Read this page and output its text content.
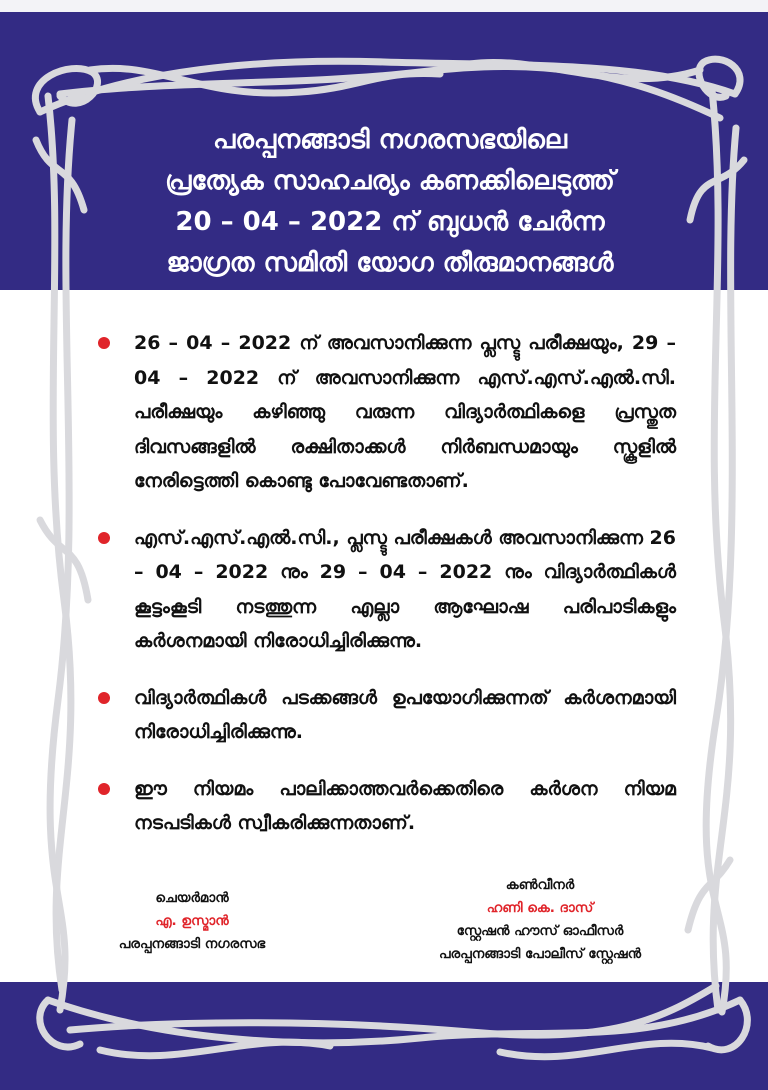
പരപ്പനങ്ങാടി നഗരസഭയിലെ
പ്രത്യേക സാഹചര്യം കണക്കിലെടുത്ത്
20 – 04 – 2022 ന് ബുധൻ ചേർന്ന
ജാഗ്രത സമിതി യോഗ തീരുമാനങ്ങൾ
26 – 04 – 2022 ന് അവസാനിക്കുന്ന പ്ലസ്ടു പരീക്ഷയും, 29 – 04 – 2022 ന് അവസാനിക്കുന്ന എസ്.എസ്.എൽ.സി. പരീക്ഷയും കഴിഞ്ഞു വരുന്ന വിദ്യാർത്ഥികളെ പ്രസ്തുത ദിവസങ്ങളിൽ രക്ഷിതാക്കൾ നിർബന്ധമായും സ്കൂളിൽ നേരിട്ടെത്തി കൊണ്ടു പോവേണ്ടതാണ്.
എസ്.എസ്.എൽ.സി., പ്ലസ്ടു പരീക്ഷകൾ അവസാനിക്കുന്ന 26 – 04 – 2022 നും 29 – 04 – 2022 നും വിദ്യാർത്ഥികൾ കൂട്ടംകൂടി നടത്തുന്ന എല്ലാ ആഘോഷ പരിപാടികളും കർശനമായി നിരോധിച്ചിരിക്കുന്നു.
വിദ്യാർത്ഥികൾ പടക്കങ്ങൾ ഉപയോഗിക്കുന്നത് കർശനമായി നിരോധിച്ചിരിക്കുന്നു.
ഈ നിയമം പാലിക്കാത്തവർക്കെതിരെ കർശന നിയമ നടപടികൾ സ്വീകരിക്കുന്നതാണ്.
ചെയർമാൻ
എ. ഉസ്മാൻ
പരപ്പനങ്ങാടി നഗരസഭ
കൺവീനർ
ഹണി കെ. ദാസ്
സ്റ്റേഷൻ ഹൗസ് ഓഫീസർ
പരപ്പനങ്ങാടി പോലീസ് സ്റ്റേഷൻ
